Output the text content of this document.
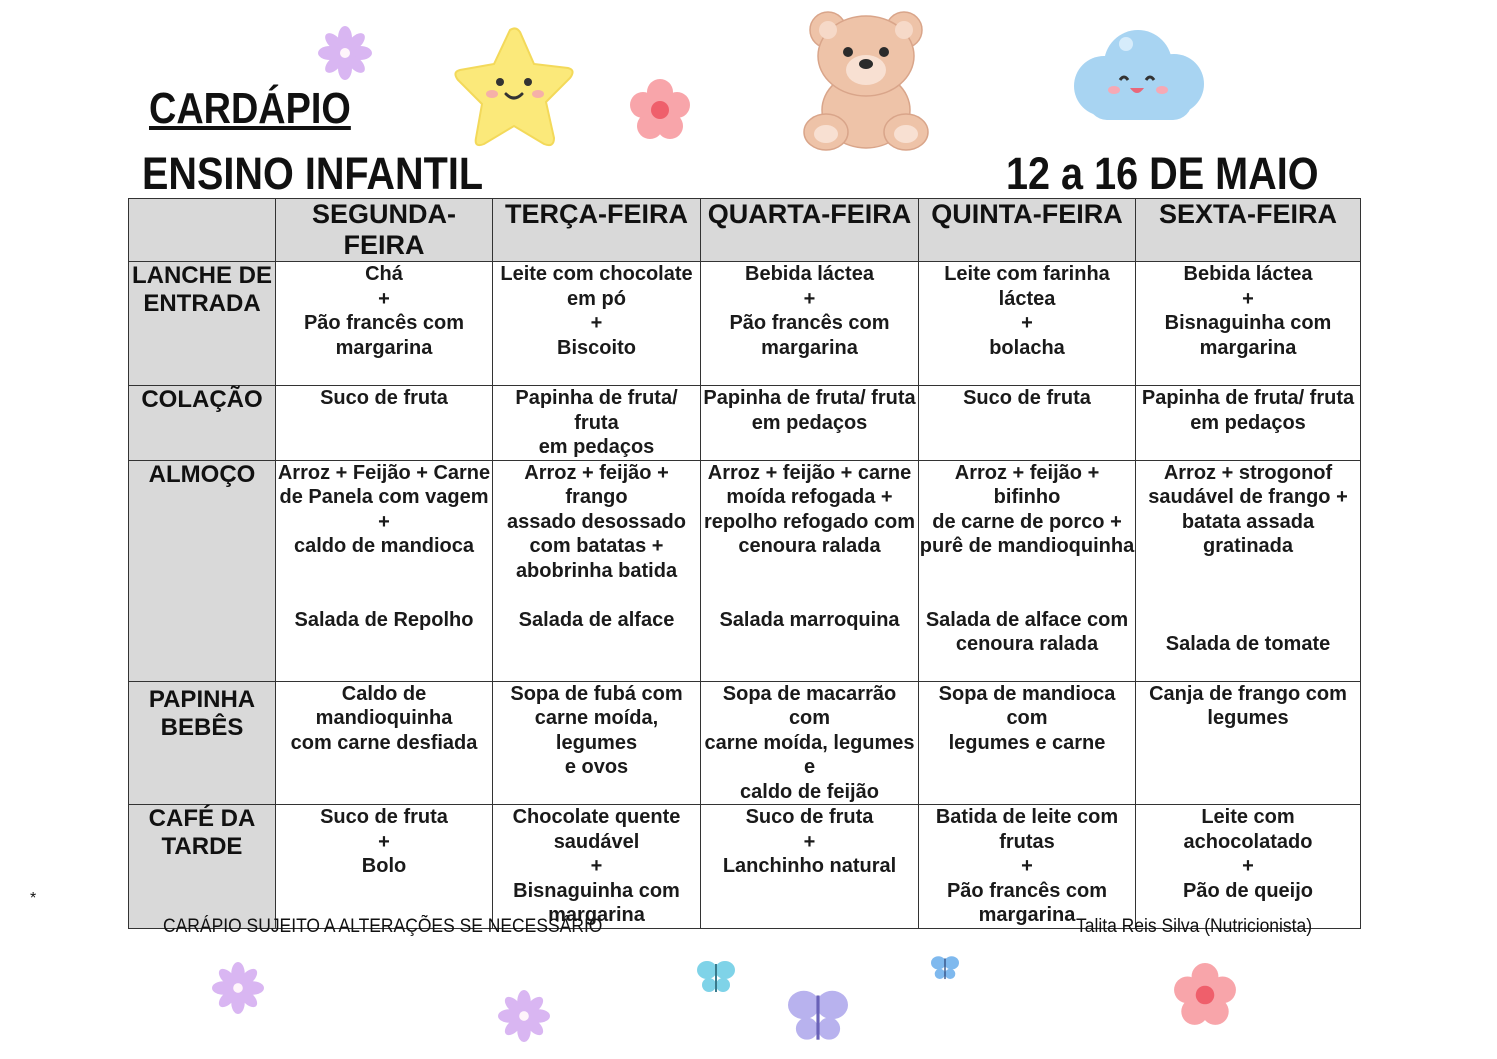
CARDÁPIO
ENSINO INFANTIL	12 a 16 DE MAIO
	SEGUNDA-FEIRA	TERÇA-FEIRA	QUARTA-FEIRA	QUINTA-FEIRA	SEXTA-FEIRA
LANCHE DE ENTRADA	Chá
+
Pão francês com
margarina	Leite com chocolate
em pó
+
Biscoito	Bebida láctea
+
Pão francês com
margarina	Leite com farinha
láctea
+
bolacha	Bebida láctea
+
Bisnaguinha com
margarina
COLAÇÃO	Suco de fruta	Papinha de fruta/ fruta
em pedaços	Papinha de fruta/ fruta
em pedaços	Suco de fruta	Papinha de fruta/ fruta
em pedaços
ALMOÇO	Arroz + Feijão + Carne
de Panela com vagem +
caldo de mandioca

Salada de Repolho	Arroz + feijão + frango
assado desossado
com batatas +
abobrinha batida

Salada de alface	Arroz + feijão + carne
moída refogada +
repolho refogado com
cenoura ralada

Salada marroquina	Arroz + feijão + bifinho
de carne de porco +
purê de mandioquinha

Salada de alface com
cenoura ralada	Arroz + strogonof
saudável de frango +
batata assada gratinada

Salada de tomate
PAPINHA BEBÊS	Caldo de mandioquinha
com carne desfiada	Sopa de fubá com
carne moída, legumes
e ovos	Sopa de macarrão com
carne moída, legumes e
caldo de feijão	Sopa de mandioca com
legumes e carne	Canja de frango com
legumes
CAFÉ DA TARDE	Suco de fruta
+
Bolo	Chocolate quente
saudável
+
Bisnaguinha com
margarina	Suco de fruta
+
Lanchinho natural	Batida de leite com
frutas
+
Pão francês com
margarina	Leite com achocolatado
+
Pão de queijo

*

CARÁPIO SUJEITO A ALTERAÇÕES SE NECESSÁRIO	Talita Reis Silva (Nutricionista)
